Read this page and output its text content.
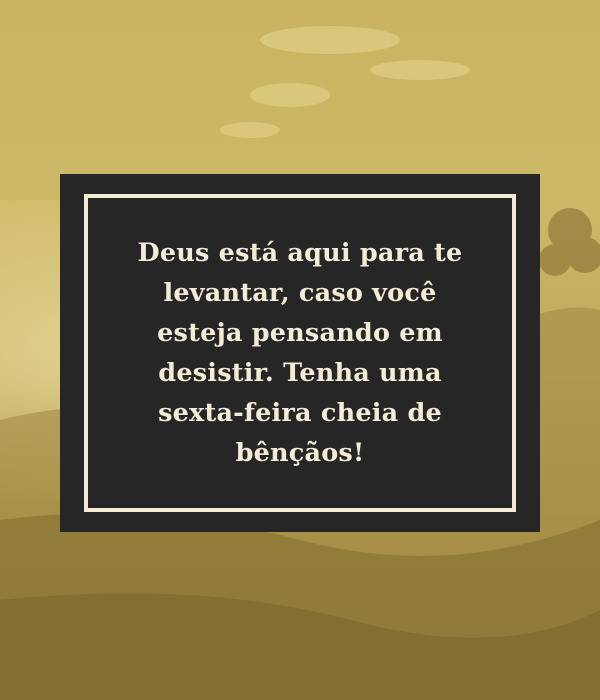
Deus está aqui para te
levantar, caso você
esteja pensando em
desistir. Tenha uma
sexta-feira cheia de
bênçãos!
